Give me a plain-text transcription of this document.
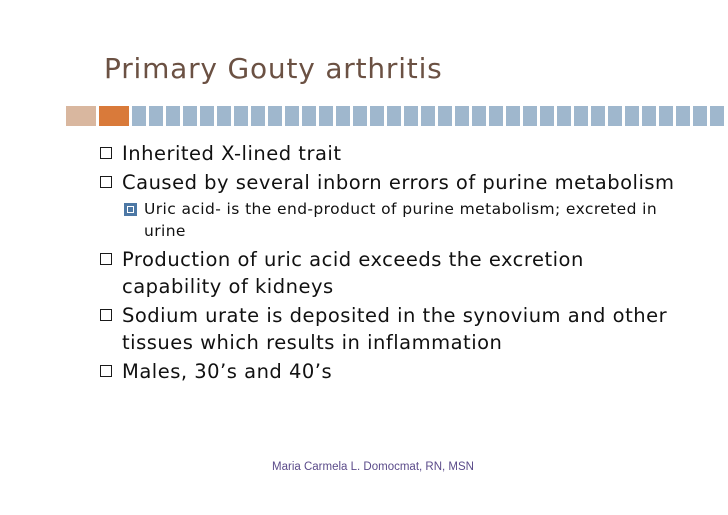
Primary Gouty arthritis
Inherited X-lined trait
Caused by several inborn errors of purine metabolism
Uric acid- is the end-product of purine metabolism; excreted in urine
Production of uric acid exceeds the excretion capability of kidneys
Sodium urate is deposited in the synovium and other tissues which results in inflammation
Males, 30’s and 40’s
Maria Carmela L. Domocmat, RN, MSN
